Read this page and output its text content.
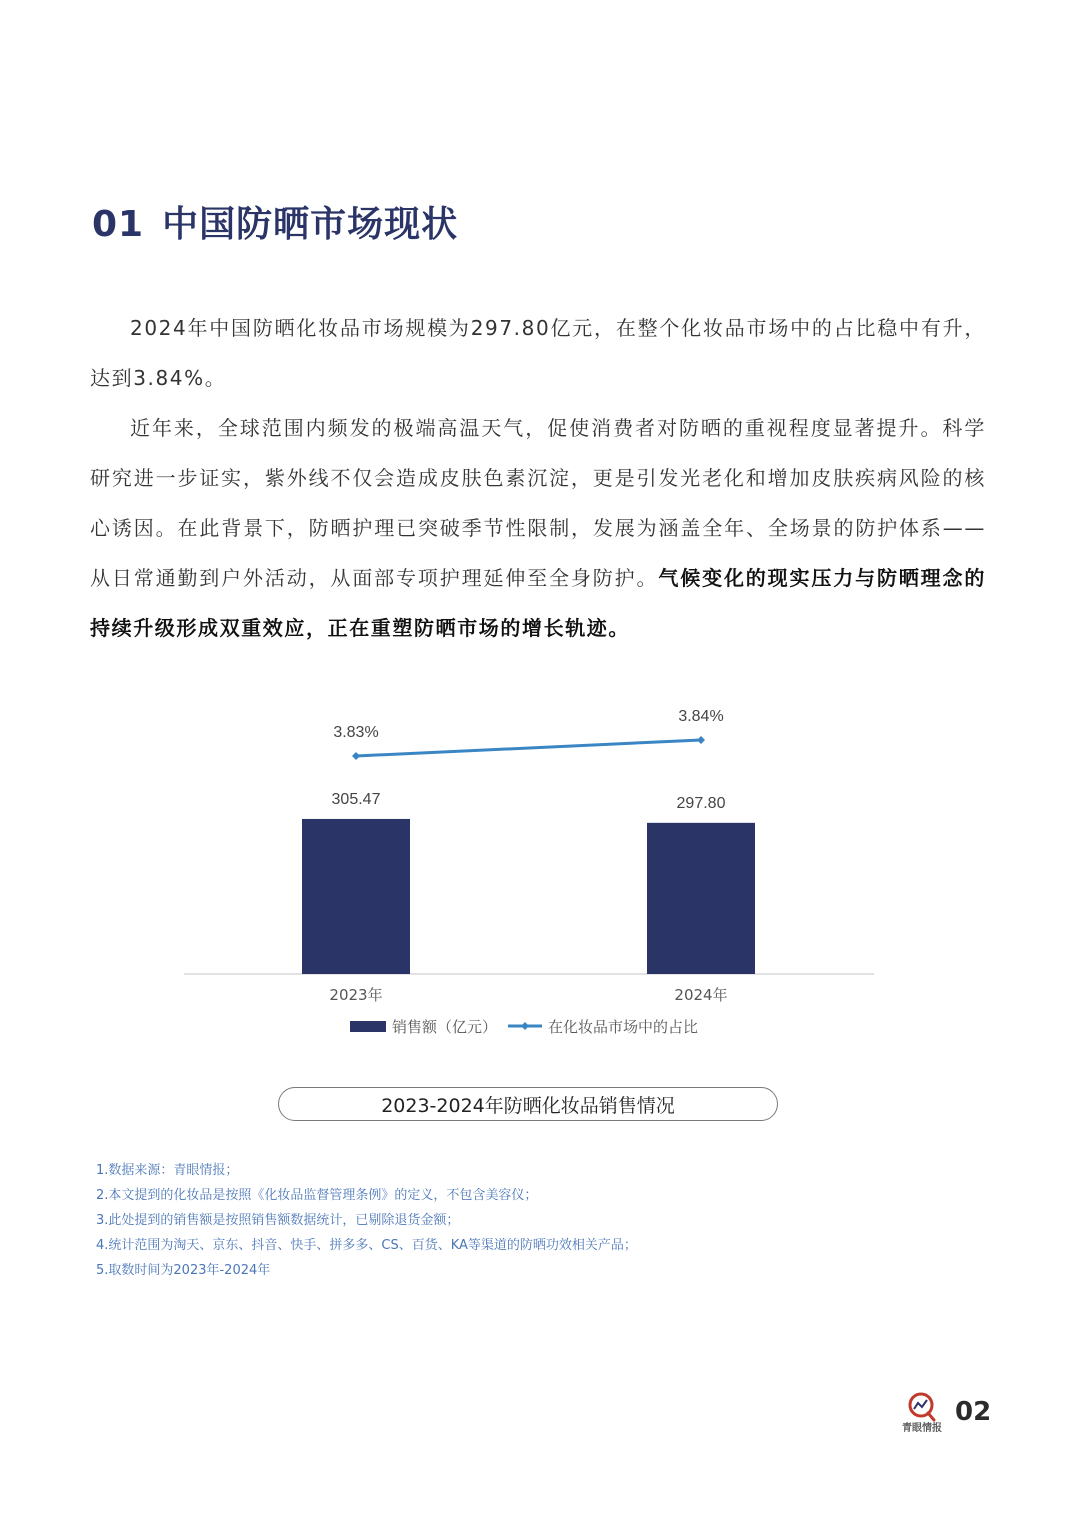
01 中国防晒市场现状

2024年中国防晒化妆品市场规模为297.80亿元，在整个化妆品市场中的占比稳中有升，达到3.84%。

近年来，全球范围内频发的极端高温天气，促使消费者对防晒的重视程度显著提升。科学研究进一步证实，紫外线不仅会造成皮肤色素沉淀，更是引发光老化和增加皮肤疾病风险的核心诱因。在此背景下，防晒护理已突破季节性限制，发展为涵盖全年、全场景的防护体系——从日常通勤到户外活动，从面部专项护理延伸至全身防护。气候变化的现实压力与防晒理念的持续升级形成双重效应，正在重塑防晒市场的增长轨迹。

305.47	297.80
3.83%
3.84%
2023年	2024年
销售额（亿元）	在化妆品市场中的占比
2023-2024年防晒化妆品销售情况
1.数据来源：青眼情报；
2.本文提到的化妆品是按照《化妆品监督管理条例》的定义，不包含美容仪；
3.此处提到的销售额是按照销售额数据统计，已剔除退货金额；
4.统计范围为淘天、京东、抖音、快手、拼多多、CS、百货、KA等渠道的防晒功效相关产品；
5.取数时间为2023年-2024年
青眼情报
02
